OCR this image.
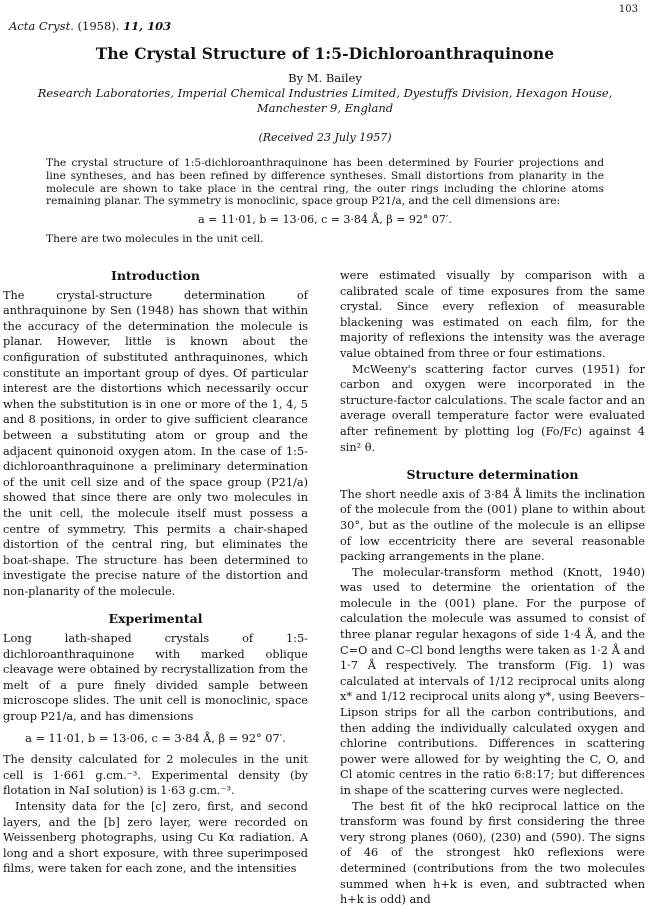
103
Acta Cryst. (1958). 11, 103
The Crystal Structure of 1:5-Dichloroanthraquinone
By M. Bailey
Research Laboratories, Imperial Chemical Industries Limited, Dyestuffs Division, Hexagon House, Manchester 9, England
(Received 23 July 1957)

The crystal structure of 1:5-dichloroanthraquinone has been determined by Fourier projections and line syntheses, and has been refined by difference syntheses. Small distortions from planarity in the molecule are shown to take place in the central ring, the outer rings including the chlorine atoms remaining planar. The symmetry is monoclinic, space group P21/a, and the cell dimensions are:

a = 11·01, b = 13·06, c = 3·84 Å, β = 92° 07′.

There are two molecules in the unit cell.

Introduction

The crystal-structure determination of anthraquinone by Sen (1948) has shown that within the accuracy of the determination the molecule is planar. However, little is known about the configuration of substituted anthraquinones, which constitute an important group of dyes. Of particular interest are the distortions which necessarily occur when the substitution is in one or more of the 1, 4, 5 and 8 positions, in order to give sufficient clearance between a substituting atom or group and the adjacent quinonoid oxygen atom. In the case of 1:5-dichloroanthraquinone a preliminary determination of the unit cell size and of the space group (P21/a) showed that since there are only two molecules in the unit cell, the molecule itself must possess a centre of symmetry. This permits a chair-shaped distortion of the central ring, but eliminates the boat-shape. The structure has been determined to investigate the precise nature of the distortion and non-planarity of the molecule.

Experimental

Long lath-shaped crystals of 1:5-dichloroanthraquinone with marked oblique cleavage were obtained by recrystallization from the melt of a pure finely divided sample between microscope slides. The unit cell is monoclinic, space group P21/a, and has dimensions

a = 11·01, b = 13·06, c = 3·84 Å, β = 92° 07′.

The density calculated for 2 molecules in the unit cell is 1·661 g.cm.⁻³. Experimental density (by flotation in NaI solution) is 1·63 g.cm.⁻³.

Intensity data for the [c] zero, first, and second layers, and the [b] zero layer, were recorded on Weissenberg photographs, using Cu Kα radiation. A long and a short exposure, with three superimposed films, were taken for each zone, and the intensities

were estimated visually by comparison with a calibrated scale of time exposures from the same crystal. Since every reflexion of measurable blackening was estimated on each film, for the majority of reflexions the intensity was the average value obtained from three or four estimations.

McWeeny's scattering factor curves (1951) for carbon and oxygen were incorporated in the structure-factor calculations. The scale factor and an average overall temperature factor were evaluated after refinement by plotting log (Fo/Fc) against 4 sin² θ.

Structure determination

The short needle axis of 3·84 Å limits the inclination of the molecule from the (001) plane to within about 30°, but as the outline of the molecule is an ellipse of low eccentricity there are several reasonable packing arrangements in the plane.

The molecular-transform method (Knott, 1940) was used to determine the orientation of the molecule in the (001) plane. For the purpose of calculation the molecule was assumed to consist of three planar regular hexagons of side 1·4 Å, and the C=O and C–Cl bond lengths were taken as 1·2 Å and 1·7 Å respectively. The transform (Fig. 1) was calculated at intervals of 1/12 reciprocal units along x* and 1/12 reciprocal units along y*, using Beevers–Lipson strips for all the carbon contributions, and then adding the individually calculated oxygen and chlorine contributions. Differences in scattering power were allowed for by weighting the C, O, and Cl atomic centres in the ratio 6:8:17; but differences in shape of the scattering curves were neglected.

The best fit of the hk0 reciprocal lattice on the transform was found by first considering the three very strong planes (060), (230) and (590). The signs of 46 of the strongest hk0 reflexions were determined (contributions from the two molecules summed when h+k is even, and subtracted when h+k is odd) and
